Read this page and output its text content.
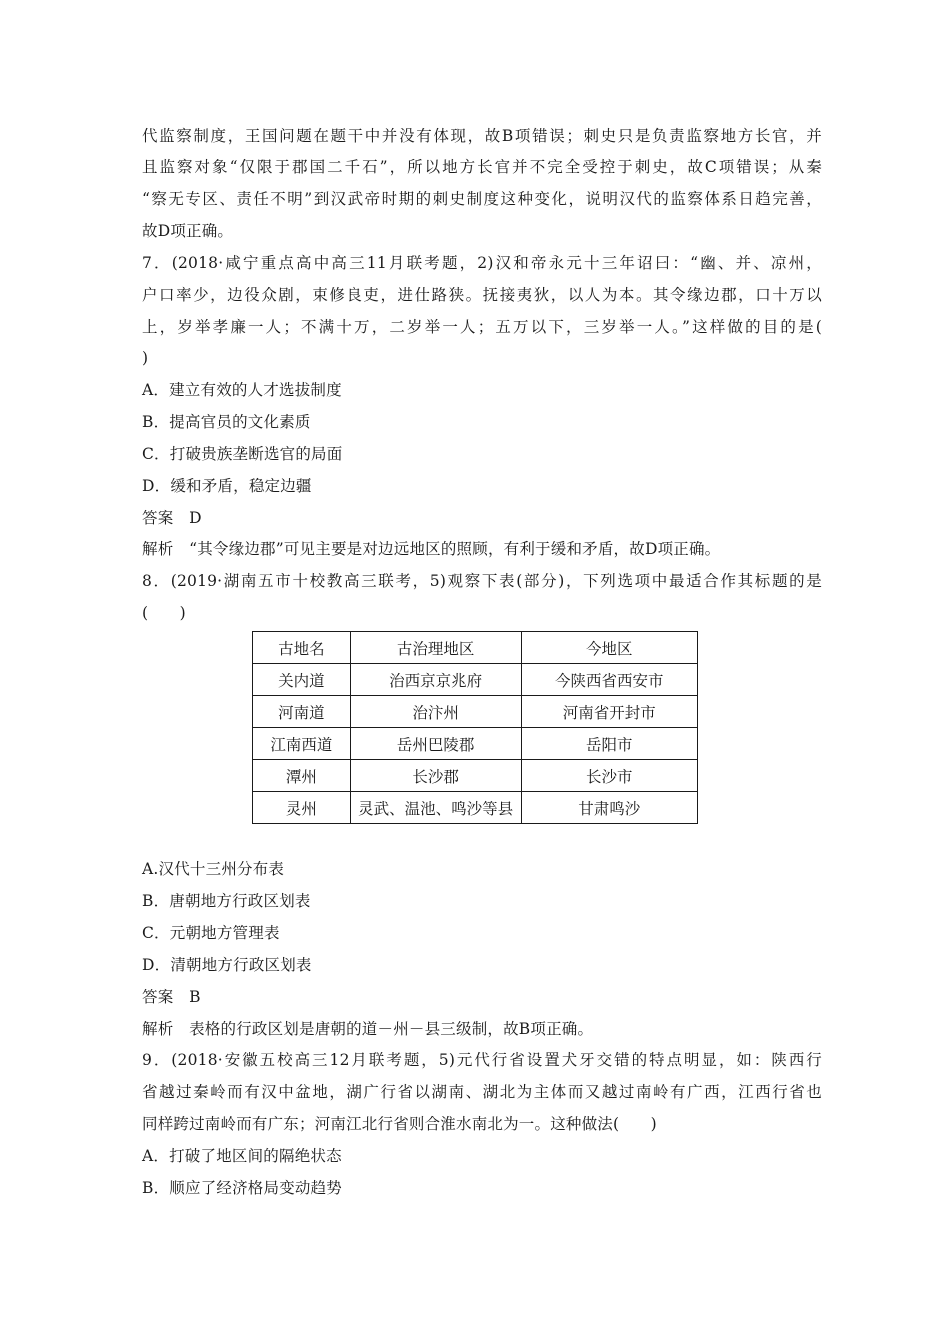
代监察制度，王国问题在题干中并没有体现，故B项错误；刺史只是负责监察地方长官，并
且监察对象“仅限于郡国二千石”，所以地方长官并不完全受控于刺史，故C项错误；从秦
“察无专区、责任不明”到汉武帝时期的刺史制度这种变化，说明汉代的监察体系日趋完善，
故D项正确。
7．(2018·咸宁重点高中高三11月联考题，2)汉和帝永元十三年诏曰：“幽、并、凉州，
户口率少，边役众剧，束修良吏，进仕路狭。抚接夷狄，以人为本。其令缘边郡，口十万以
上，岁举孝廉一人；不满十万，二岁举一人；五万以下，三岁举一人。”这样做的目的是(
)
A．建立有效的人才选拔制度
B．提高官员的文化素质
C．打破贵族垄断选官的局面
D．缓和矛盾，稳定边疆
答案　D
解析　“其令缘边郡”可见主要是对边远地区的照顾，有利于缓和矛盾，故D项正确。
8．(2019·湖南五市十校教高三联考，5)观察下表(部分)，下列选项中最适合作其标题的是
(　　)
古地名	古治理地区	今地区
关内道	治西京京兆府	今陕西省西安市
河南道	治汴州	河南省开封市
江南西道	岳州巴陵郡	岳阳市
潭州	长沙郡	长沙市
灵州	灵武、温池、鸣沙等县	甘肃鸣沙
A.汉代十三州分布表
B．唐朝地方行政区划表
C．元朝地方管理表
D．清朝地方行政区划表
答案　B
解析　表格的行政区划是唐朝的道－州－县三级制，故B项正确。
9．(2018·安徽五校高三12月联考题，5)元代行省设置犬牙交错的特点明显，如：陕西行
省越过秦岭而有汉中盆地，湖广行省以湖南、湖北为主体而又越过南岭有广西，江西行省也
同样跨过南岭而有广东；河南江北行省则合淮水南北为一。这种做法(　　)
A．打破了地区间的隔绝状态
B．顺应了经济格局变动趋势
